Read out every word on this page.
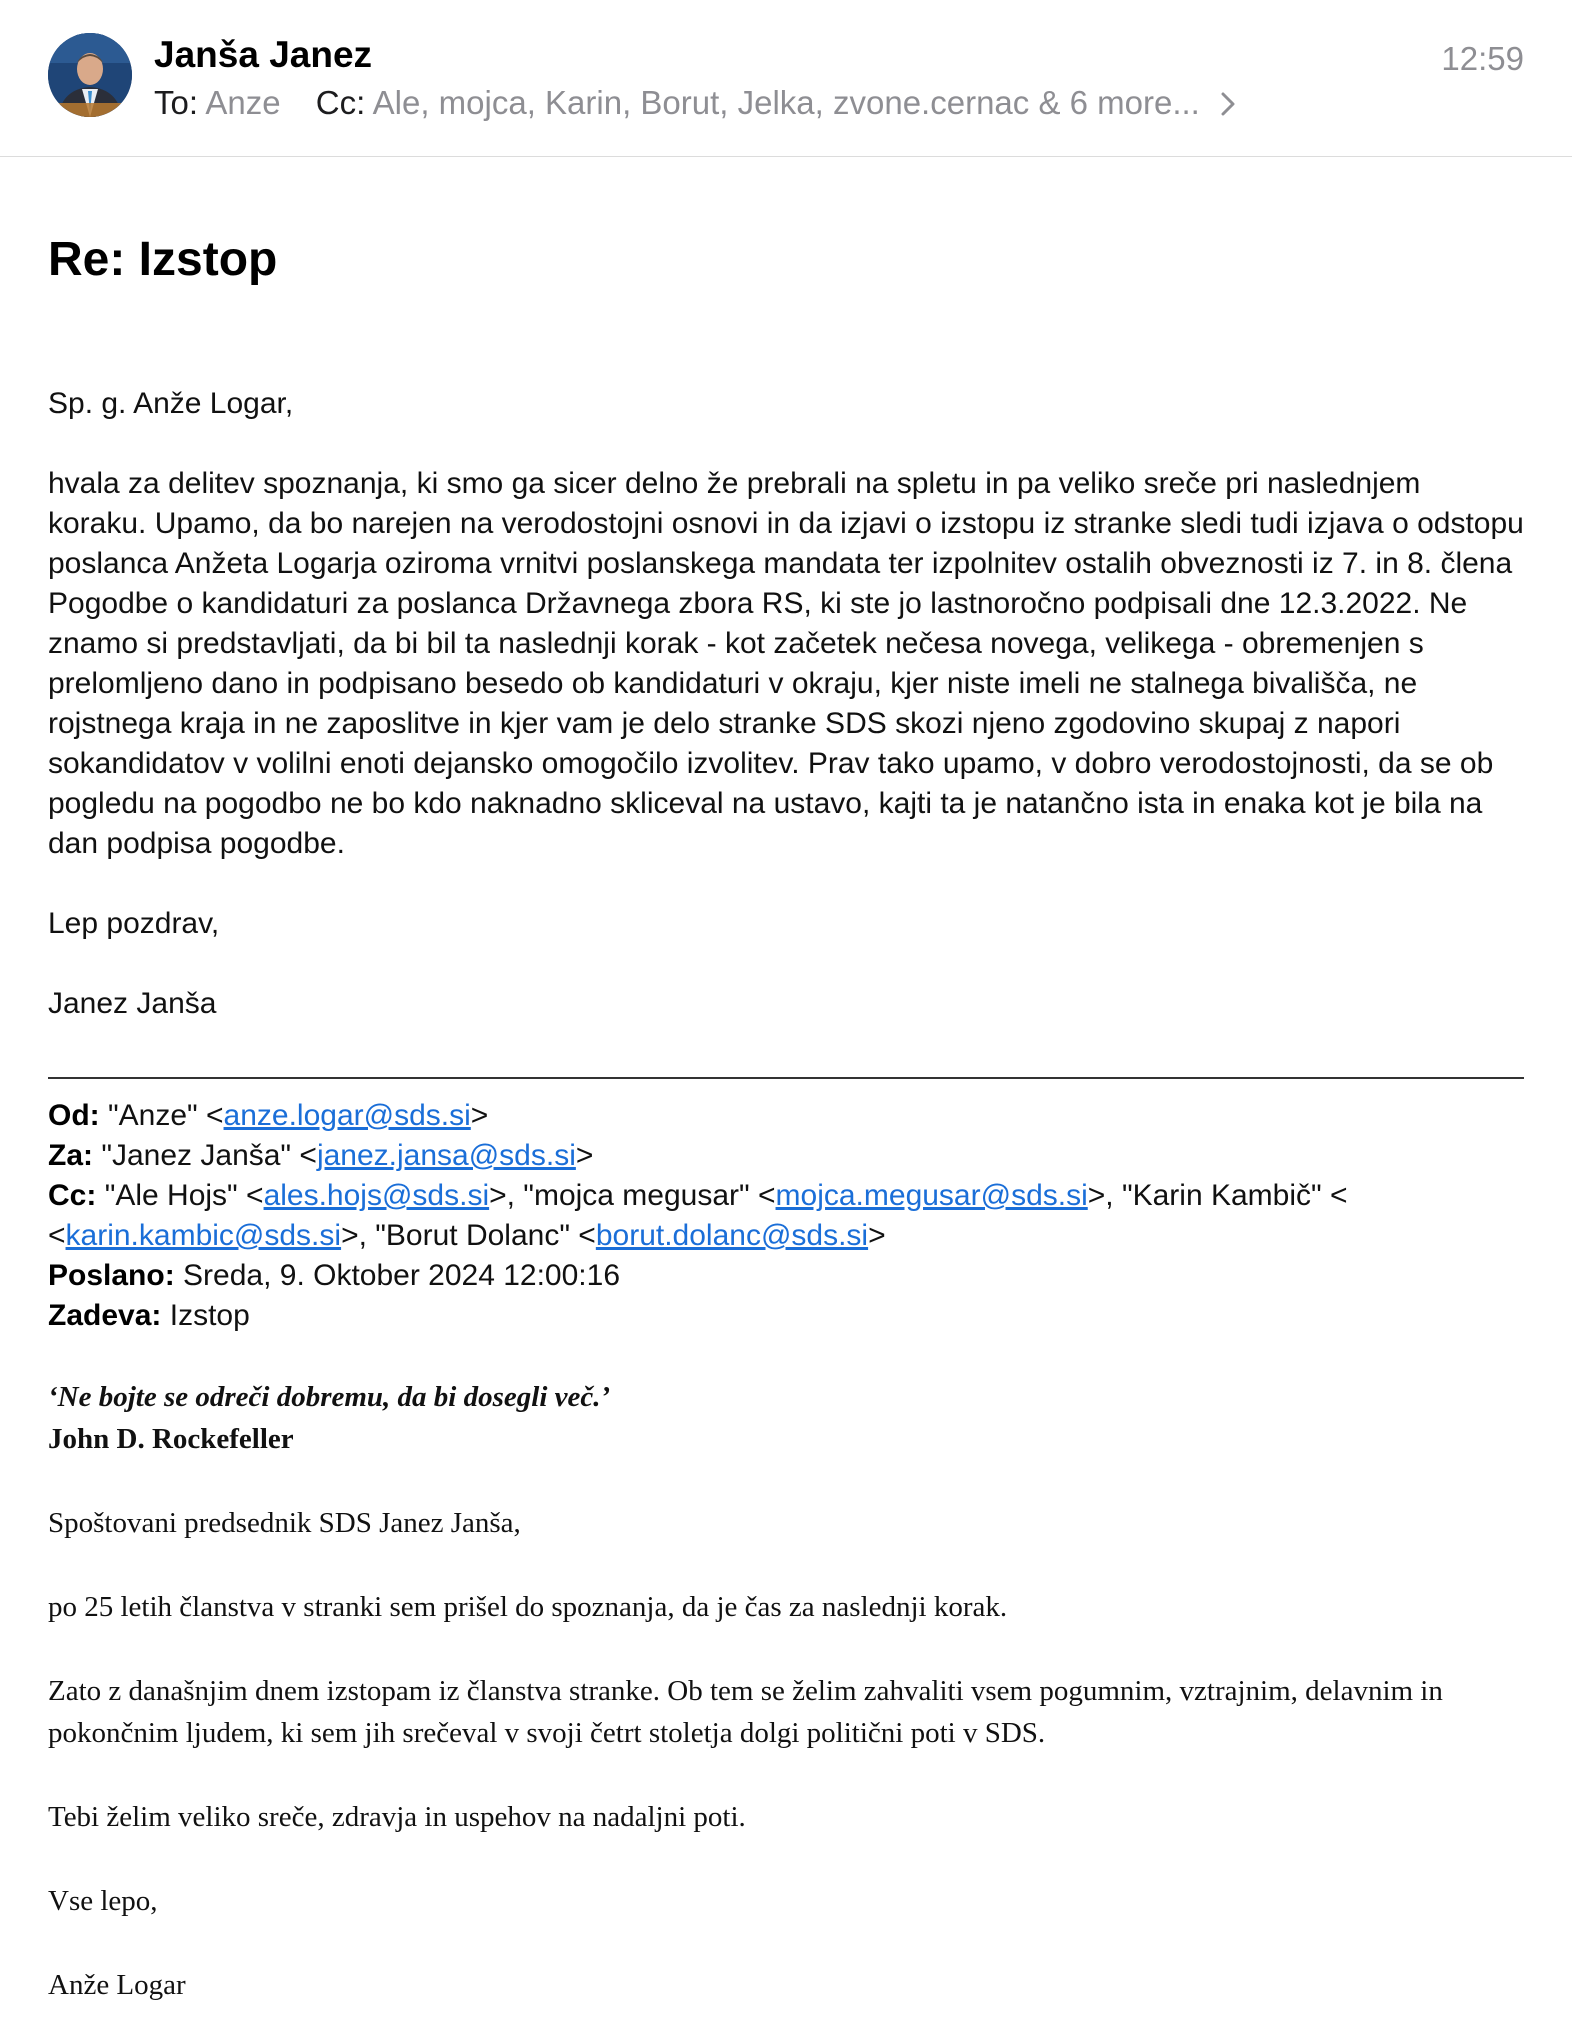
Janša Janez
To: Anze Cc: Ale, mojca, Karin, Borut, Jelka, zvone.cernac & 6 more...
12:59
Re: Izstop

Sp. g. Anže Logar,

hvala za delitev spoznanja, ki smo ga sicer delno že prebrali na spletu in pa veliko sreče pri naslednjem koraku. Upamo, da bo narejen na verodostojni osnovi in da izjavi o izstopu iz stranke sledi tudi izjava o odstopu poslanca Anžeta Logarja oziroma vrnitvi poslanskega mandata ter izpolnitev ostalih obveznosti iz 7. in 8. člena Pogodbe o kandidaturi za poslanca Državnega zbora RS, ki ste jo lastnoročno podpisali dne 12.3.2022. Ne znamo si predstavljati, da bi bil ta naslednji korak - kot začetek nečesa novega, velikega - obremenjen s prelomljeno dano in podpisano besedo ob kandidaturi v okraju, kjer niste imeli ne stalnega bivališča, ne rojstnega kraja in ne zaposlitve in kjer vam je delo stranke SDS skozi njeno zgodovino skupaj z napori sokandidatov v volilni enoti dejansko omogočilo izvolitev. Prav tako upamo, v dobro verodostojnosti, da se ob pogledu na pogodbo ne bo kdo naknadno skliceval na ustavo, kajti ta je natančno ista in enaka kot je bila na dan podpisa pogodbe.

Lep pozdrav,

Janez Janša

Od: "Anze" <anze.logar@sds.si>
Za: "Janez Janša" <janez.jansa@sds.si>
Cc: "Ale Hojs" <ales.hojs@sds.si>, "mojca megusar" <mojca.megusar@sds.si>, "Karin Kambič" <
<karin.kambic@sds.si>, "Borut Dolanc" <borut.dolanc@sds.si>
Poslano: Sreda, 9. Oktober 2024 12:00:16
Zadeva: Izstop

‘Ne bojte se odreči dobremu, da bi dosegli več.’

John D. Rockefeller

Spoštovani predsednik SDS Janez Janša,

po 25 letih članstva v stranki sem prišel do spoznanja, da je čas za naslednji korak.

Zato z današnjim dnem izstopam iz članstva stranke. Ob tem se želim zahvaliti vsem pogumnim, vztrajnim, delavnim in pokončnim ljudem, ki sem jih srečeval v svoji četrt stoletja dolgi politični poti v SDS.

Tebi želim veliko sreče, zdravja in uspehov na nadaljni poti.

Vse lepo,

Anže Logar
